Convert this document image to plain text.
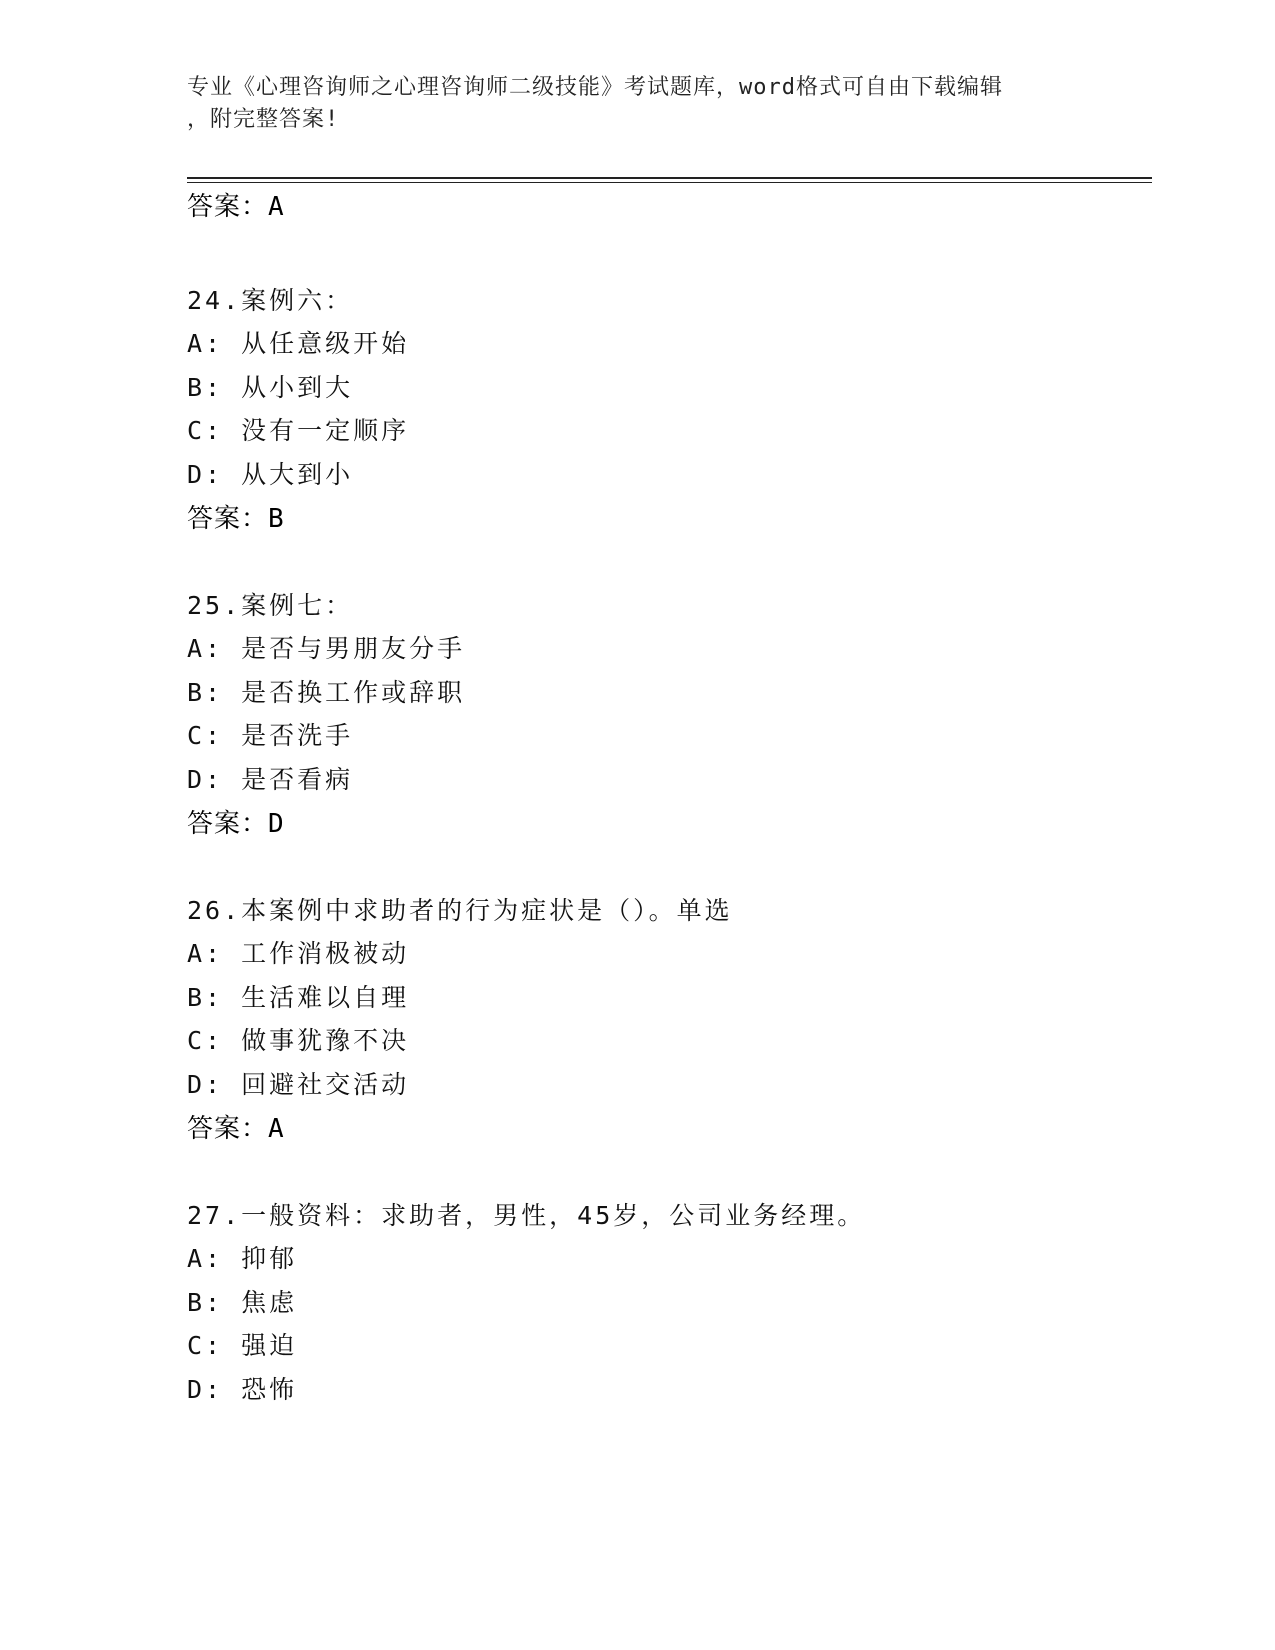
专业《心理咨询师之心理咨询师二级技能》考试题库，word格式可自由下载编辑
，附完整答案!
答案：A
24.案例六：
A: 从任意级开始
B: 从小到大
C: 没有一定顺序
D: 从大到小
答案：B
25.案例七：
A: 是否与男朋友分手
B: 是否换工作或辞职
C: 是否洗手
D: 是否看病
答案：D
26.本案例中求助者的行为症状是（）。单选
A: 工作消极被动
B: 生活难以自理
C: 做事犹豫不决
D: 回避社交活动
答案：A
27.一般资料：求助者，男性，45岁，公司业务经理。
A: 抑郁
B: 焦虑
C: 强迫
D: 恐怖
